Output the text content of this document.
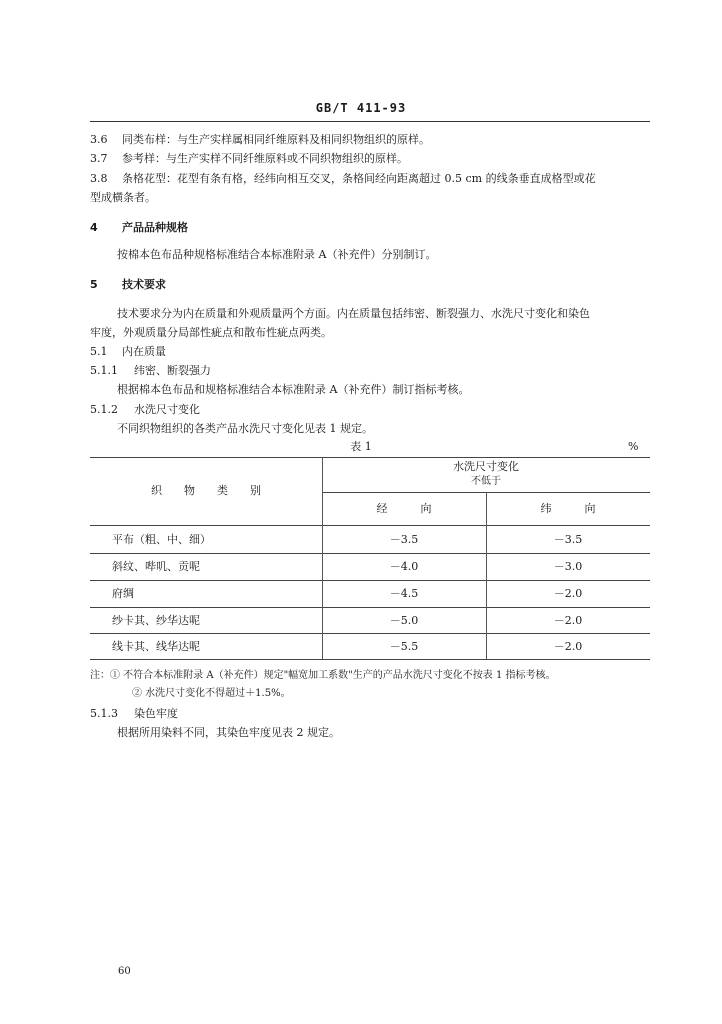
GB/T 411-93
3.6 同类布样：与生产实样属相同纤维原料及相同织物组织的原样。
3.7 参考样：与生产实样不同纤维原料或不同织物组织的原样。
3.8 条格花型：花型有条有格，经纬向相互交叉，条格间经向距离超过 0.5 cm 的线条垂直成格型或花
型成横条者。
4 产品品种规格
按棉本色布品种规格标准结合本标准附录 A（补充件）分别制订。
5 技术要求
技术要求分为内在质量和外观质量两个方面。内在质量包括纬密、断裂强力、水洗尺寸变化和染色
牢度，外观质量分局部性疵点和散布性疵点两类。
5.1 内在质量
5.1.1 纬密、断裂强力
根据棉本色布品和规格标准结合本标准附录 A（补充件）制订指标考核。
5.1.2 水洗尺寸变化
不同织物组织的各类产品水洗尺寸变化见表 1 规定。
表 1	%
织　　物　　类　　别
水洗尺寸变化
不低于
经　　　向	纬　　　向
平布（粗、中、细）	－3.5	－3.5
斜纹、哔叽、贡呢	－4.0	－3.0
府绸	－4.5	－2.0
纱卡其、纱华达呢	－5.0	－2.0
线卡其、线华达呢	－5.5	－2.0
注：① 不符合本标准附录 A（补充件）规定"幅宽加工系数"生产的产品水洗尺寸变化不按表 1 指标考核。
② 水洗尺寸变化不得超过＋1.5%。
5.1.3 染色牢度
根据所用染料不同，其染色牢度见表 2 规定。
60
